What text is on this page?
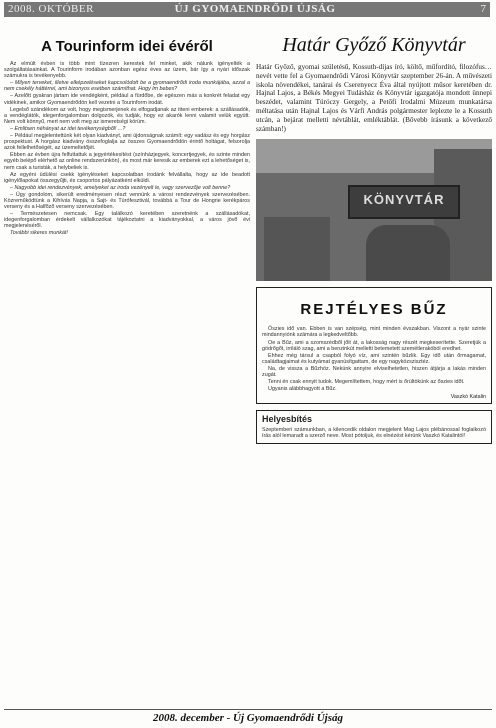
2008. OKTÓBER	ÚJ GYOMAENDRŐDI ÚJSÁG	7
A Tourinform idei évéről

Az elmúlt évben is több mint tízezren kerestek fel minket, akik nálunk igényelték a szolgáltatásainkat. A Tourinform irodában azonban egész éves az üzem, bár így a nyári időszak számukra is tevékenyebb.

– Milyen terveket, illetve elképzeléseket kapcsolódott be a gyomaendrődi iroda munkájába, azzal a nem csekély háttérrel, ami bizonyos esetben számíthat. Hogy lm bebes?

– Azelőtt gyakran jártam ide vendégként, például a fürdőbe, de egészen más a konkrét feladat egy vidékinek, amikor Gyomaendrődön kell vezetni a Tourinform irodát.

Legelső szándékom az volt, hogy megismerjenek és elfogadjanak az itteni emberek: a szállásadók, a vendéglátók, idegenforgalomban dolgozók, és tudják, hogy ez akarók lenni valamit velük együtt. Nem volt könnyű, mert nem volt meg az ismeretségi körüm.

– Emlitsen néhányat az idei tevékenységből! ...?

– Például megjelentettünk két olyan kiadványt, ami újdonságnak számít: egy vadász és egy horgász prospektust. A horgász kiadvány összefoglalja az összes Gyomaendrődön érintő holtágat, felsorolja azok fellelhetőségét, az üzemeltetőjét.

Ebben az évben újra felfuttattuk a jegyértékesítést (színházjegyek, koncertjegyek, és szinte minden egyéb belépő elérhető az online rendszerünkön), és most már keresik az emberek ezt a lehetőséget is, nem csak a turisták, a helybeliek is.

Az egyéni üdülési csekk igényléseket kapcsolatban irodánk felvállalta, hogy az ide beadott igénylőlapokat összegyűjti, és csoportos pályázatként elküldi.

– Nagyobb idei rendezvények, amelyeket az iroda vezényelt le, vagy szervezője volt benne?

– Úgy gondolom, sikerült eredményesen részt vennünk a városi rendezvények szervezésében. Közreműködtünk a Kihívás Napja, a Sajt- és Túrófesztivál, továbbá a Tour de Hongrie kerékpáros verseny és a Halfőző verseny szervezésében.

– Természetesen nemcsak. Egy találkozó keretében szeretnénk a szállásadókat, idegenforgalomban érdekelt vállalkozókat tájékoztatni a kiadványokkal, a város jövő évi megjelenéséről.

További sikeres munkát!

Határ Győző Könyvtár
Határ Győző, gyomai születésű, Kossuth-díjas író, költő, műfordító, filozófus… nevét vette fel a Gyomaendrődi Városi Könyvtár szeptember 26-án. A művészeti iskola növendékei, tanárai és Cserenyecz Éva által nyújtott műsor keretében dr. Hajnal Lajos, a Békés Megyei Tudásház és Könyvtár igazgatója mondott ünnepi beszédet, valamint Túróczy Gergely, a Petőfi Irodalmi Múzeum munkatársa méltatása után Hajnal Lajos és Várfi András polgármester leplezte le a Kossuth utcán, a bejárat melletti névtáblát, emléktáblát. (Bővebb írásunk a következő számban!)
KÖNYVTÁR
REJTÉLYES BŰZ

Őszies idő van. Ebben is van szépség, mint minden évszakban. Viszont a nyár szinte mindannyiónk számára a legkedveltőbb.

Oe a Bűz, ami a szomszédből jőit át, a lakosság nagy részét megkeserítette. Szeretjük a gödrőgőt, irriláló szag, ami a benzinkút melletti betemetett szemétlerakóból eredhet.

Ehhez még társul a csapból folyó víz, ami szintén bűzlik. Egy idő után őrmagamat, családtagjaimat és kutyámat gyanúsítgattam, de egy nagyközszisztéz.

Na, de vissza a Bűzhöz. Nekünk annyire elviselhetetlen, hiszen átjárja a lakás minden zugát.

Tenni én csak ennyit tudok. Megemlítettem, hogy mért is őrültökünk az őszies időt.

Ugyanis alábbhagyott a Bűz.

Vaszkó Katalin
Helyesbítés
Szeptemberi számunkban, a kilencedik oldalon megjelent Mag Lajos plébánossal foglalkozó írás alól lemaradt a szerző neve. Most pótoljuk, és elnézést kérünk Vaszkó Katalintól!
2008. december - Új Gyomaendrődi Újság
